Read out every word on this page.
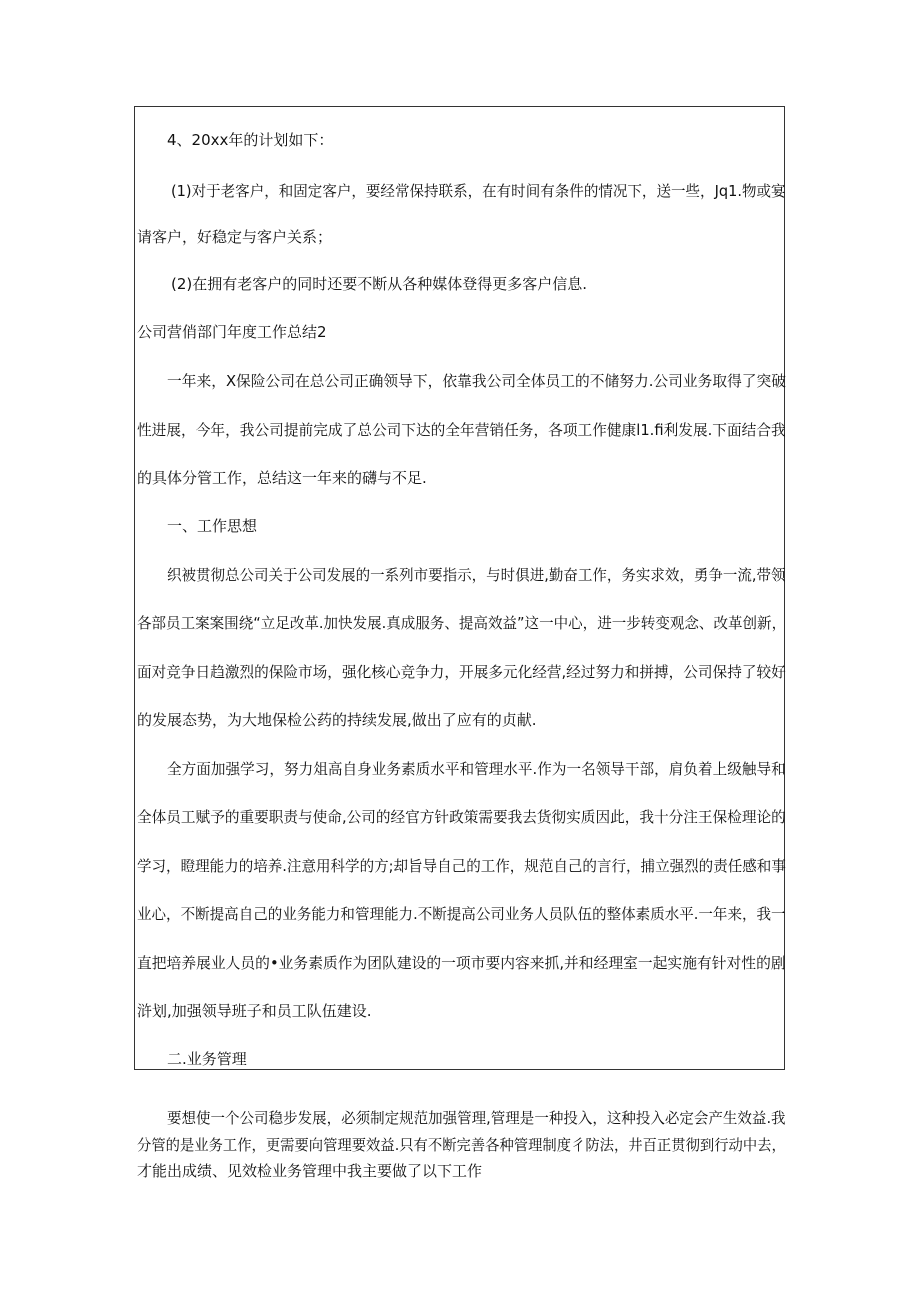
4、20xx年的计划如下：
(1)对于老客户，和固定客户，要经常保持联系，在有时间有条件的情况下，送一些，Jq1.物或宴
请客户，好稳定与客户关系；
(2)在拥有老客户的同时还要不断从各种媒体登得更多客户信息.
公司营俏部门年度工作总结2
一年来，X保险公司在总公司正确领导下，依靠我公司全体员工的不储努力.公司业务取得了突破
性进展，今年，我公司提前完成了总公司下达的全年营销任务，各项工作健康l1.fi利发展.下面结合我
的具体分管工作，总结这一年来的礴与不足.
一、工作思想
织被贯彻总公司关于公司发展的一系列市要指示，与时俱进,勤奋工作，务实求效，勇争一流,带领
各部员工案案围绕“立足改革.加快发展.真成服务、提高效益”这一中心，进一步转变观念、改革创新，
面对竞争日趋激烈的保险市场，强化核心竞争力，开展多元化经营,经过努力和拼搏，公司保持了较好
的发展态势，为大地保检公药的持续发展,做出了应有的贞献.
全方面加强学习，努力俎高自身业务素质水平和管理水平.作为一名领导干部，肩负着上级触导和
全体员工赋予的重要职责与使命,公司的经官方针政策需要我去货彻实质因此，我十分注王保检理论的
学习，瞪理能力的培养.注意用科学的方;却旨导自己的工作，规范自己的言行，捕立强烈的责任感和事
业心，不断提高自己的业务能力和管理能力.不断提高公司业务人员队伍的整体素质水平.一年来，我一
直把培养展业人员的•业务素质作为团队建设的一项市要内容来抓,并和经理室一起实施有针对性的剧
浒划,加强领导班子和员工队伍建设.
二.业务管理
要想使一个公司稳步发展，必须制定规范加强管理,管理是一种投入，这种投入必定会产生效益.我
分管的是业务工作，更需要向管理要效益.只有不断完善各种管理制度彳防法，井百正贯彻到行动中去，
才能出成绩、见效检业务管理中我主要做了以下工作
